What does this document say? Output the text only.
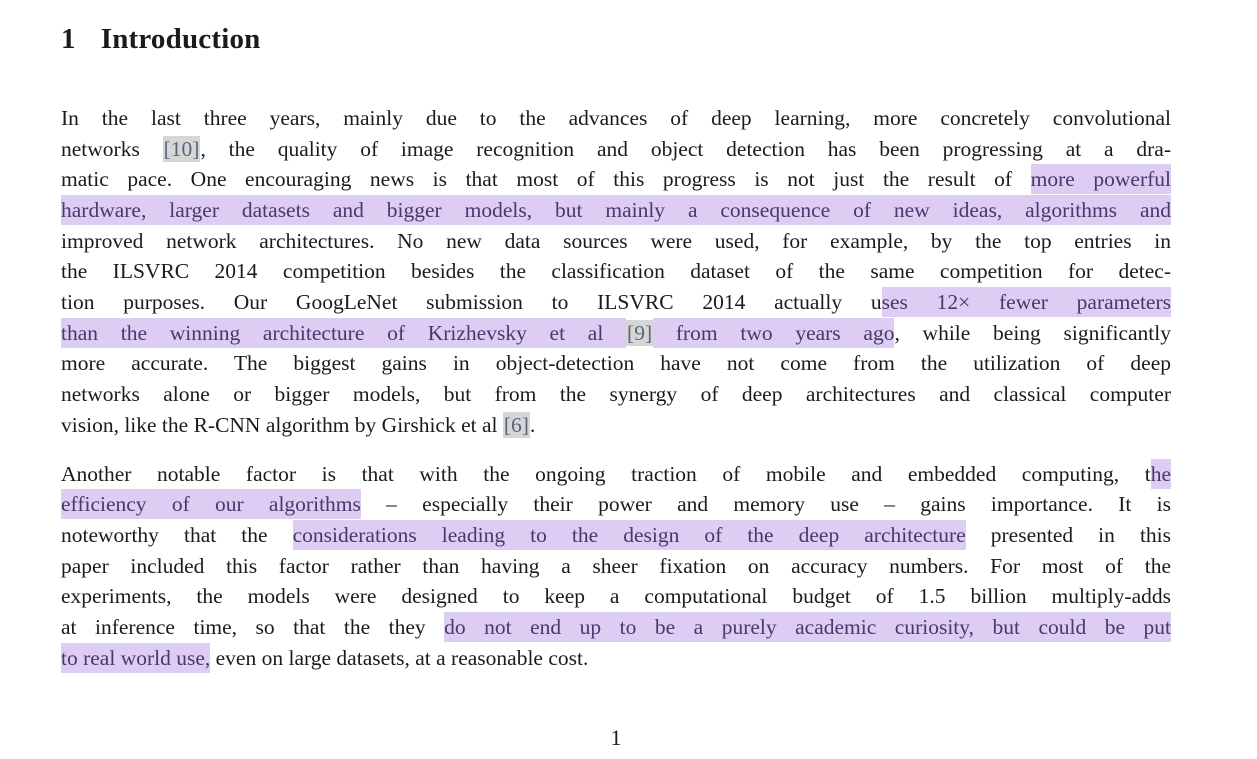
1 Introduction
In the last three years, mainly due to the advances of deep learning, more concretely convolutional
networks [10], the quality of image recognition and object detection has been progressing at a dra-
matic pace. One encouraging news is that most of this progress is not just the result of more powerful
hardware, larger datasets and bigger models, but mainly a consequence of new ideas, algorithms and
improved network architectures. No new data sources were used, for example, by the top entries in
the ILSVRC 2014 competition besides the classification dataset of the same competition for detec-
tion purposes. Our GoogLeNet submission to ILSVRC 2014 actually uses 12× fewer parameters
than the winning architecture of Krizhevsky et al [9] from two years ago, while being significantly
more accurate. The biggest gains in object-detection have not come from the utilization of deep
networks alone or bigger models, but from the synergy of deep architectures and classical computer
vision, like the R-CNN algorithm by Girshick et al [6].
Another notable factor is that with the ongoing traction of mobile and embedded computing, the
efficiency of our algorithms – especially their power and memory use – gains importance. It is
noteworthy that the considerations leading to the design of the deep architecture presented in this
paper included this factor rather than having a sheer fixation on accuracy numbers. For most of the
experiments, the models were designed to keep a computational budget of 1.5 billion multiply-adds
at inference time, so that the they do not end up to be a purely academic curiosity, but could be put
to real world use, even on large datasets, at a reasonable cost.
1
